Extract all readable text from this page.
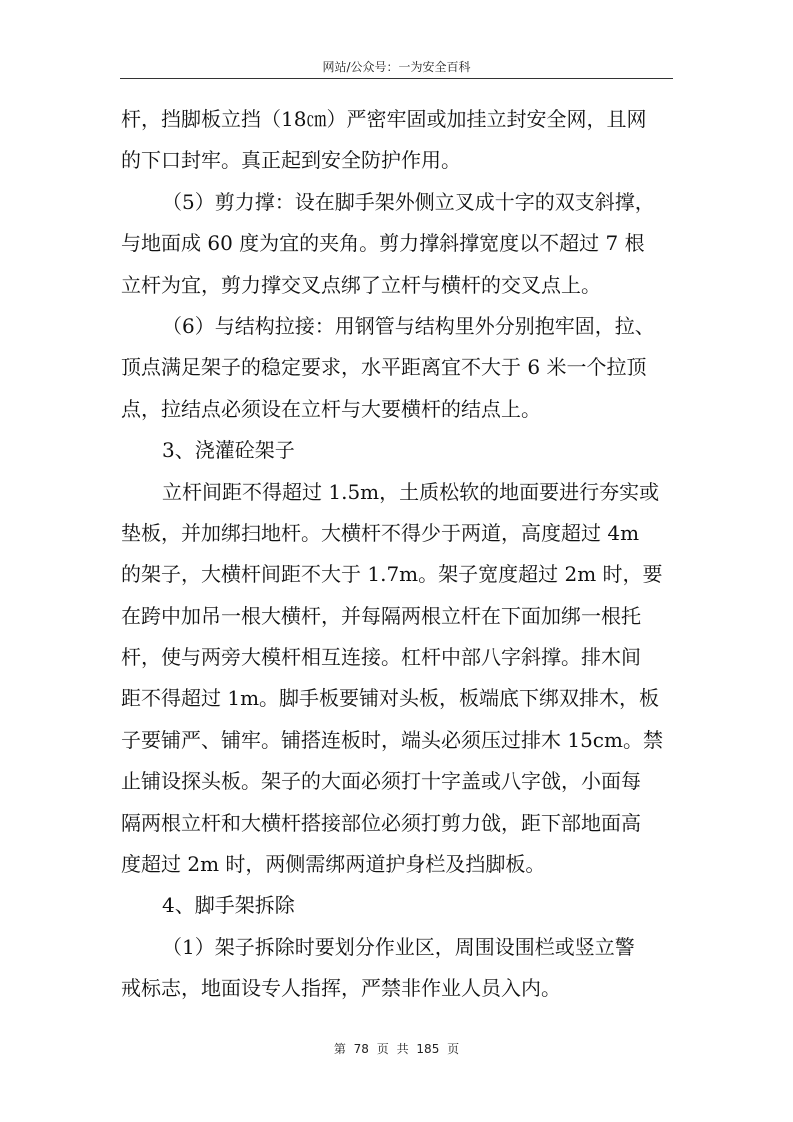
网站/公众号：一为安全百科
杆，挡脚板立挡（18㎝）严密牢固或加挂立封安全网，且网
的下口封牢。真正起到安全防护作用。
（5）剪力撑：设在脚手架外侧立叉成十字的双支斜撑，
与地面成 60 度为宜的夹角。剪力撑斜撑宽度以不超过 7 根
立杆为宜，剪力撑交叉点绑了立杆与横杆的交叉点上。
（6）与结构拉接：用钢管与结构里外分别抱牢固，拉、
顶点满足架子的稳定要求，水平距离宜不大于 6 米一个拉顶
点，拉结点必须设在立杆与大要横杆的结点上。
3、浇灌砼架子
立杆间距不得超过 1.5m，土质松软的地面要进行夯实或
垫板，并加绑扫地杆。大横杆不得少于两道，高度超过 4m
的架子，大横杆间距不大于 1.7m。架子宽度超过 2m 时，要
在跨中加吊一根大横杆，并每隔两根立杆在下面加绑一根托
杆，使与两旁大模杆相互连接。杠杆中部八字斜撑。排木间
距不得超过 1m。脚手板要铺对头板，板端底下绑双排木，板
子要铺严、铺牢。铺搭连板时，端头必须压过排木 15cm。禁
止铺设探头板。架子的大面必须打十字盖或八字戗，小面每
隔两根立杆和大横杆搭接部位必须打剪力戗，距下部地面高
度超过 2m 时，两侧需绑两道护身栏及挡脚板。
4、脚手架拆除
（1）架子拆除时要划分作业区，周围设围栏或竖立警
戒标志，地面设专人指挥，严禁非作业人员入内。
第 78 页 共 185 页
